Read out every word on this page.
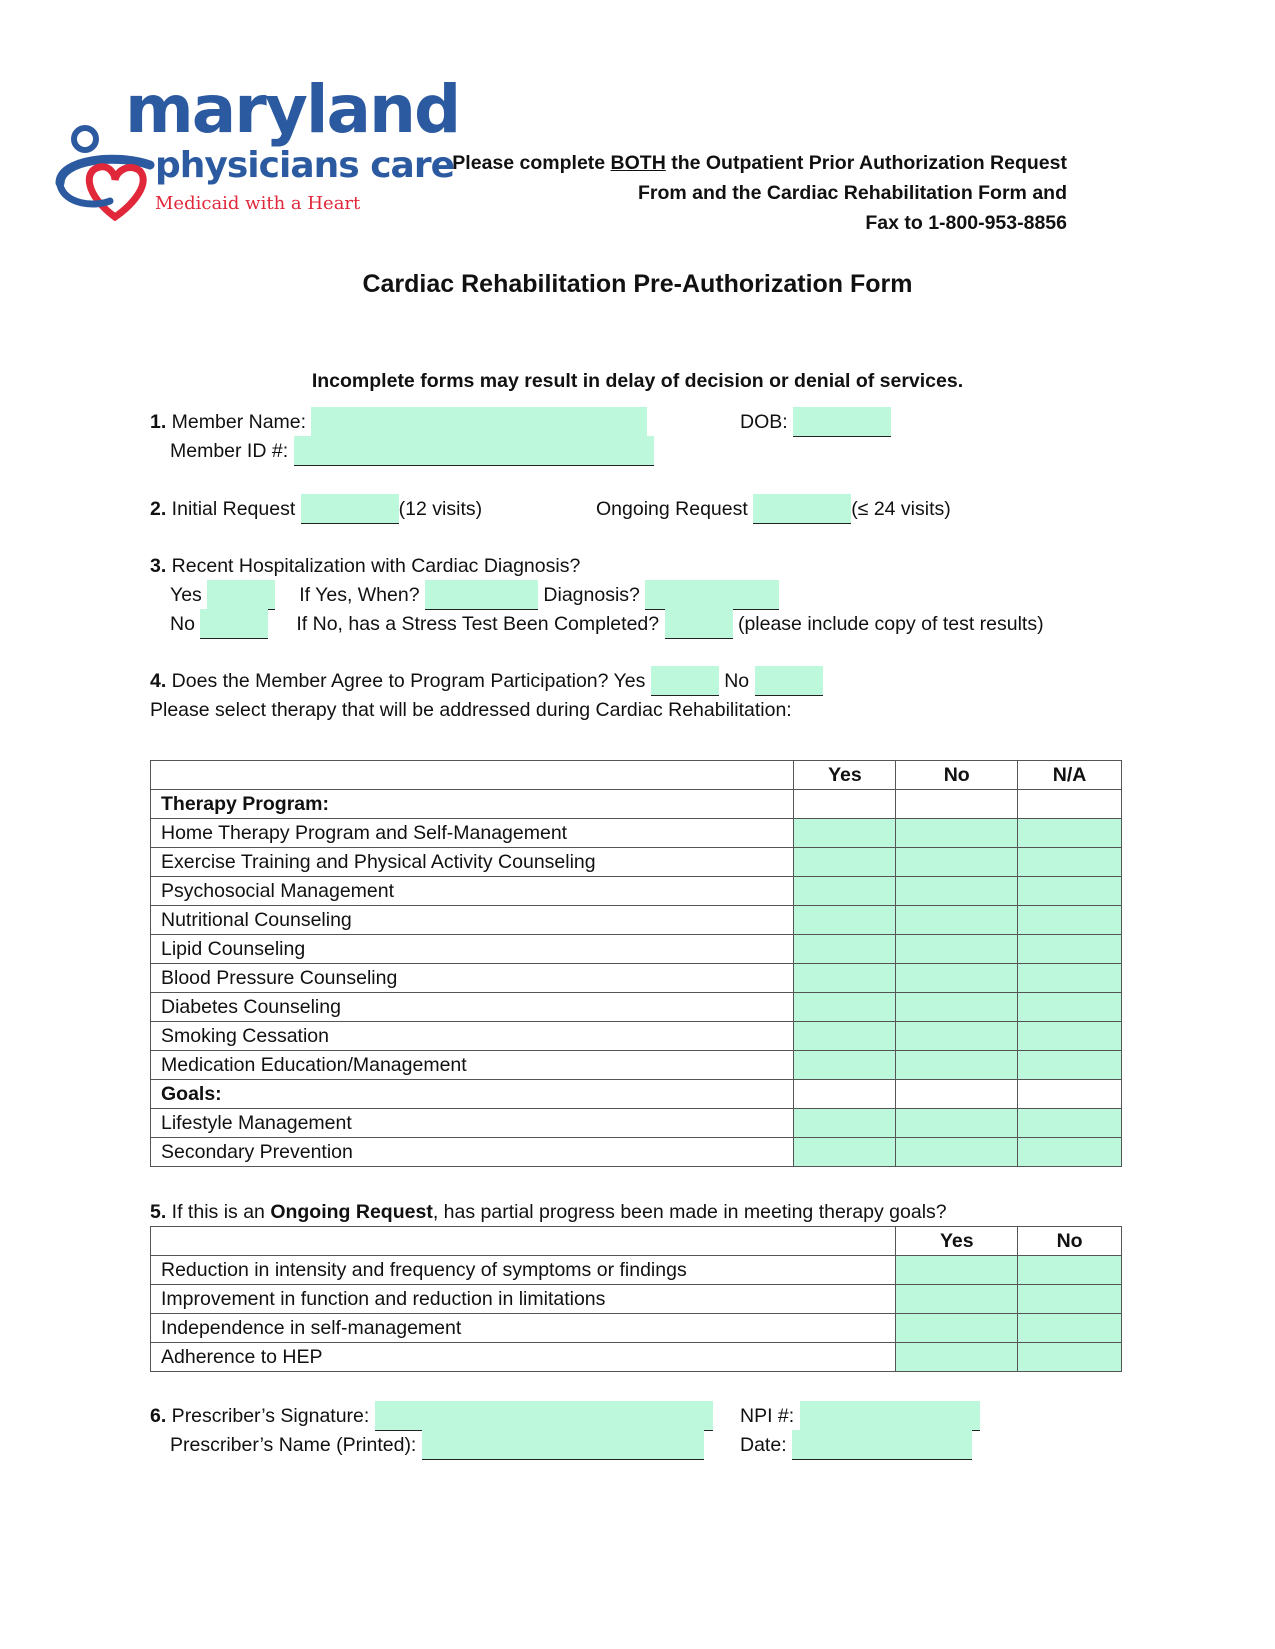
maryland
physicians care
Medicaid with a Heart
Please complete BOTH the Outpatient Prior Authorization Request
From and the Cardiac Rehabilitation Form and
Fax to 1-800-953-8856
Cardiac Rehabilitation Pre-Authorization Form
Incomplete forms may result in delay of decision or denial of services.
1. Member Name:	DOB:
Member ID #:
2. Initial Request	(12 visits)	Ongoing Request	(≤ 24 visits)
3. Recent Hospitalization with Cardiac Diagnosis?
Yes	If Yes, When?	Diagnosis?
No	If No, has a Stress Test Been Completed?	(please include copy of test results)
4. Does the Member Agree to Program Participation? Yes	No
Please select therapy that will be addressed during Cardiac Rehabilitation:
	Yes	No	N/A
Therapy Program:			
Home Therapy Program and Self-Management			
Exercise Training and Physical Activity Counseling			
Psychosocial Management			
Nutritional Counseling			
Lipid Counseling			
Blood Pressure Counseling			
Diabetes Counseling			
Smoking Cessation			
Medication Education/Management			
Goals:			
Lifestyle Management			
Secondary Prevention			
5. If this is an Ongoing Request, has partial progress been made in meeting therapy goals?
	Yes	No
Reduction in intensity and frequency of symptoms or findings		
Improvement in function and reduction in limitations		
Independence in self-management		
Adherence to HEP		
6. Prescriber’s Signature:	NPI #:
Prescriber’s Name (Printed):	Date:
